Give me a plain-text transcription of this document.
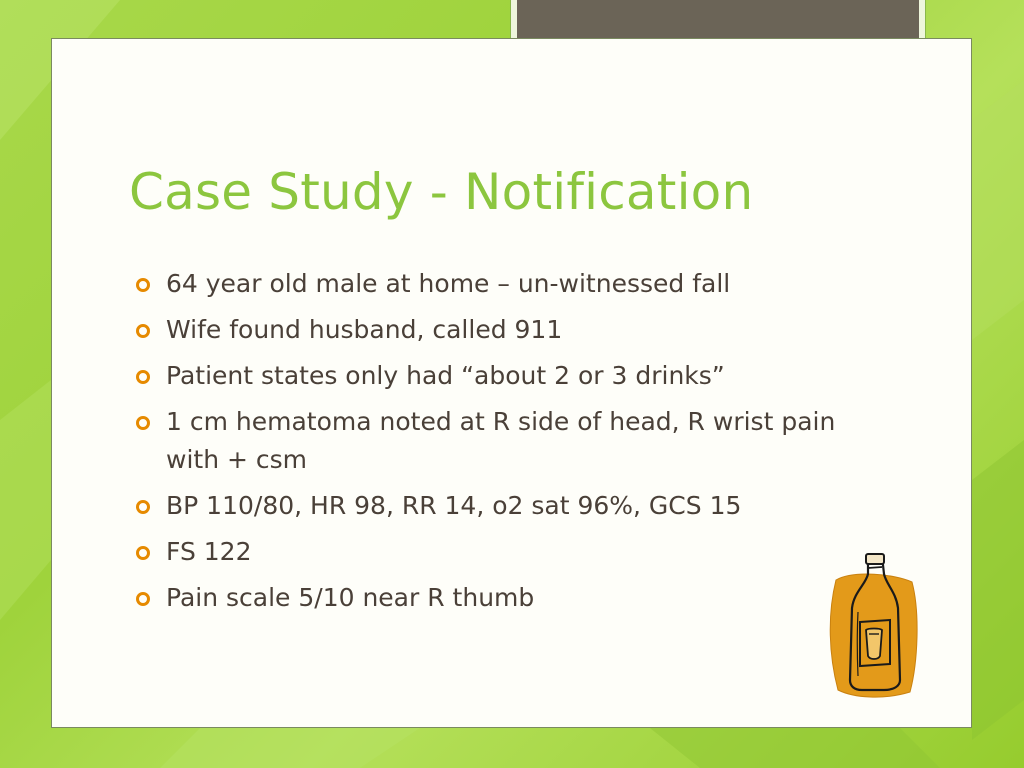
Case Study - Notification
64 year old male at home – un-witnessed fall
Wife found husband, called 911
Patient states only had “about 2 or 3 drinks”
1 cm hematoma noted at R side of head, R wrist pain with + csm
BP 110/80, HR 98, RR 14, o2 sat 96%, GCS 15
FS 122
Pain scale 5/10 near R thumb
